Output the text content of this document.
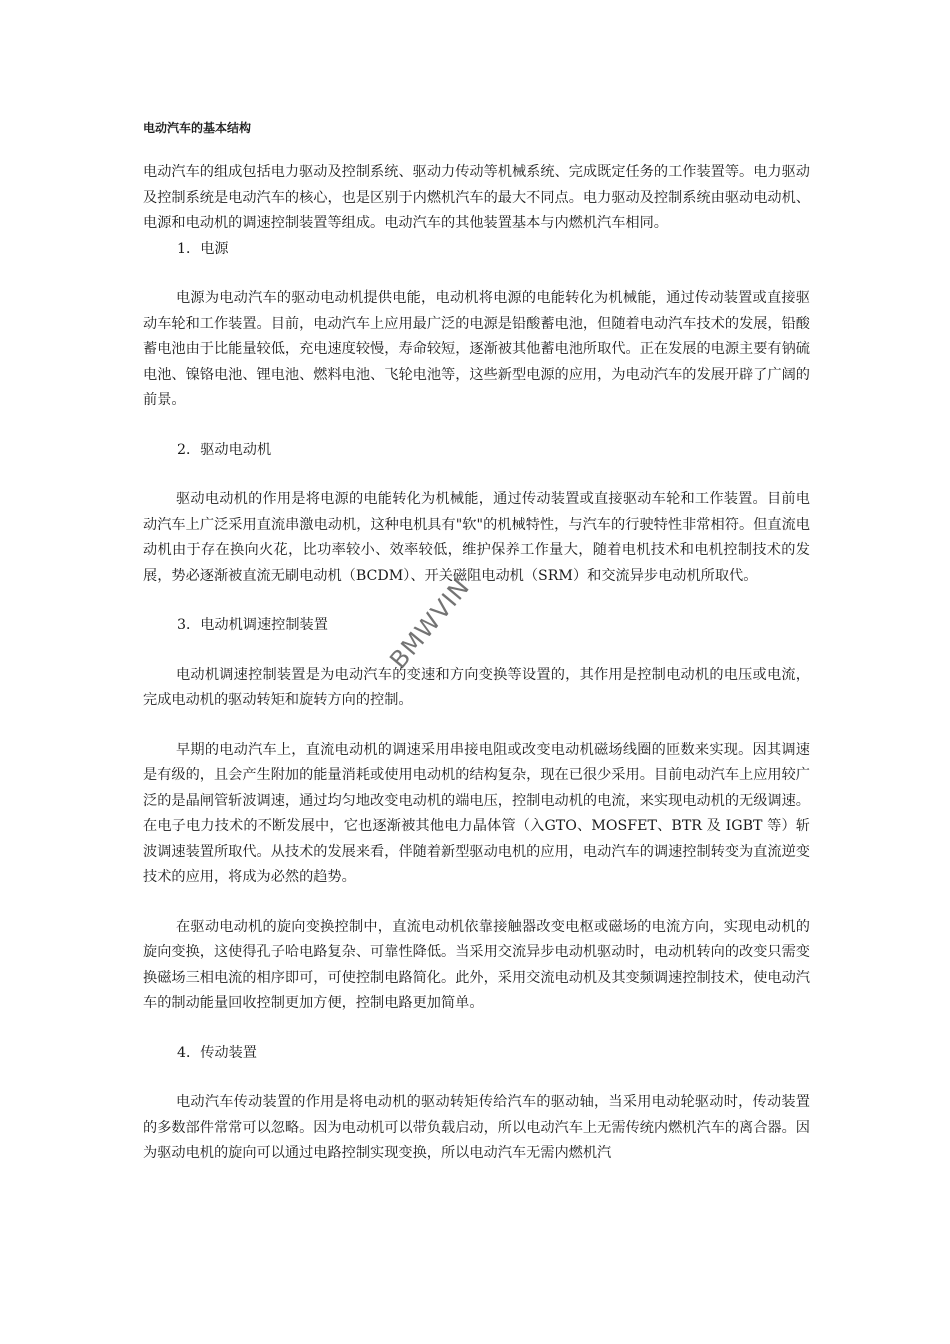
电动汽车的基本结构

电动汽车的组成包括电力驱动及控制系统、驱动力传动等机械系统、完成既定任务的工作装置等。电力驱动及控制系统是电动汽车的核心，也是区别于内燃机汽车的最大不同点。电力驱动及控制系统由驱动电动机、电源和电动机的调速控制装置等组成。电动汽车的其他装置基本与内燃机汽车相同。

1．电源

电源为电动汽车的驱动电动机提供电能，电动机将电源的电能转化为机械能，通过传动装置或直接驱动车轮和工作装置。目前，电动汽车上应用最广泛的电源是铅酸蓄电池，但随着电动汽车技术的发展，铅酸蓄电池由于比能量较低，充电速度较慢，寿命较短，逐渐被其他蓄电池所取代。正在发展的电源主要有钠硫电池、镍铬电池、锂电池、燃料电池、飞轮电池等，这些新型电源的应用，为电动汽车的发展开辟了广阔的前景。

2．驱动电动机

驱动电动机的作用是将电源的电能转化为机械能，通过传动装置或直接驱动车轮和工作装置。目前电动汽车上广泛采用直流串激电动机，这种电机具有"软"的机械特性，与汽车的行驶特性非常相符。但直流电动机由于存在换向火花，比功率较小、效率较低，维护保养工作量大，随着电机技术和电机控制技术的发展，势必逐渐被直流无刷电动机（BCDM）、开关磁阻电动机（SRM）和交流异步电动机所取代。

3．电动机调速控制装置

电动机调速控制装置是为电动汽车的变速和方向变换等设置的，其作用是控制电动机的电压或电流，完成电动机的驱动转矩和旋转方向的控制。

早期的电动汽车上，直流电动机的调速采用串接电阻或改变电动机磁场线圈的匝数来实现。因其调速是有级的，且会产生附加的能量消耗或使用电动机的结构复杂，现在已很少采用。目前电动汽车上应用较广泛的是晶闸管斩波调速，通过均匀地改变电动机的端电压，控制电动机的电流，来实现电动机的无级调速。在电子电力技术的不断发展中，它也逐渐被其他电力晶体管（入GTO、MOSFET、BTR 及 IGBT 等）斩波调速装置所取代。从技术的发展来看，伴随着新型驱动电机的应用，电动汽车的调速控制转变为直流逆变技术的应用，将成为必然的趋势。

在驱动电动机的旋向变换控制中，直流电动机依靠接触器改变电枢或磁场的电流方向，实现电动机的旋向变换，这使得孔子哈电路复杂、可靠性降低。当采用交流异步电动机驱动时，电动机转向的改变只需变换磁场三相电流的相序即可，可使控制电路简化。此外，采用交流电动机及其变频调速控制技术，使电动汽车的制动能量回收控制更加方便，控制电路更加简单。

4．传动装置

电动汽车传动装置的作用是将电动机的驱动转矩传给汽车的驱动轴，当采用电动轮驱动时，传动装置的多数部件常常可以忽略。因为电动机可以带负载启动，所以电动汽车上无需传统内燃机汽车的离合器。因为驱动电机的旋向可以通过电路控制实现变换，所以电动汽车无需内燃机汽

BMWVIN
